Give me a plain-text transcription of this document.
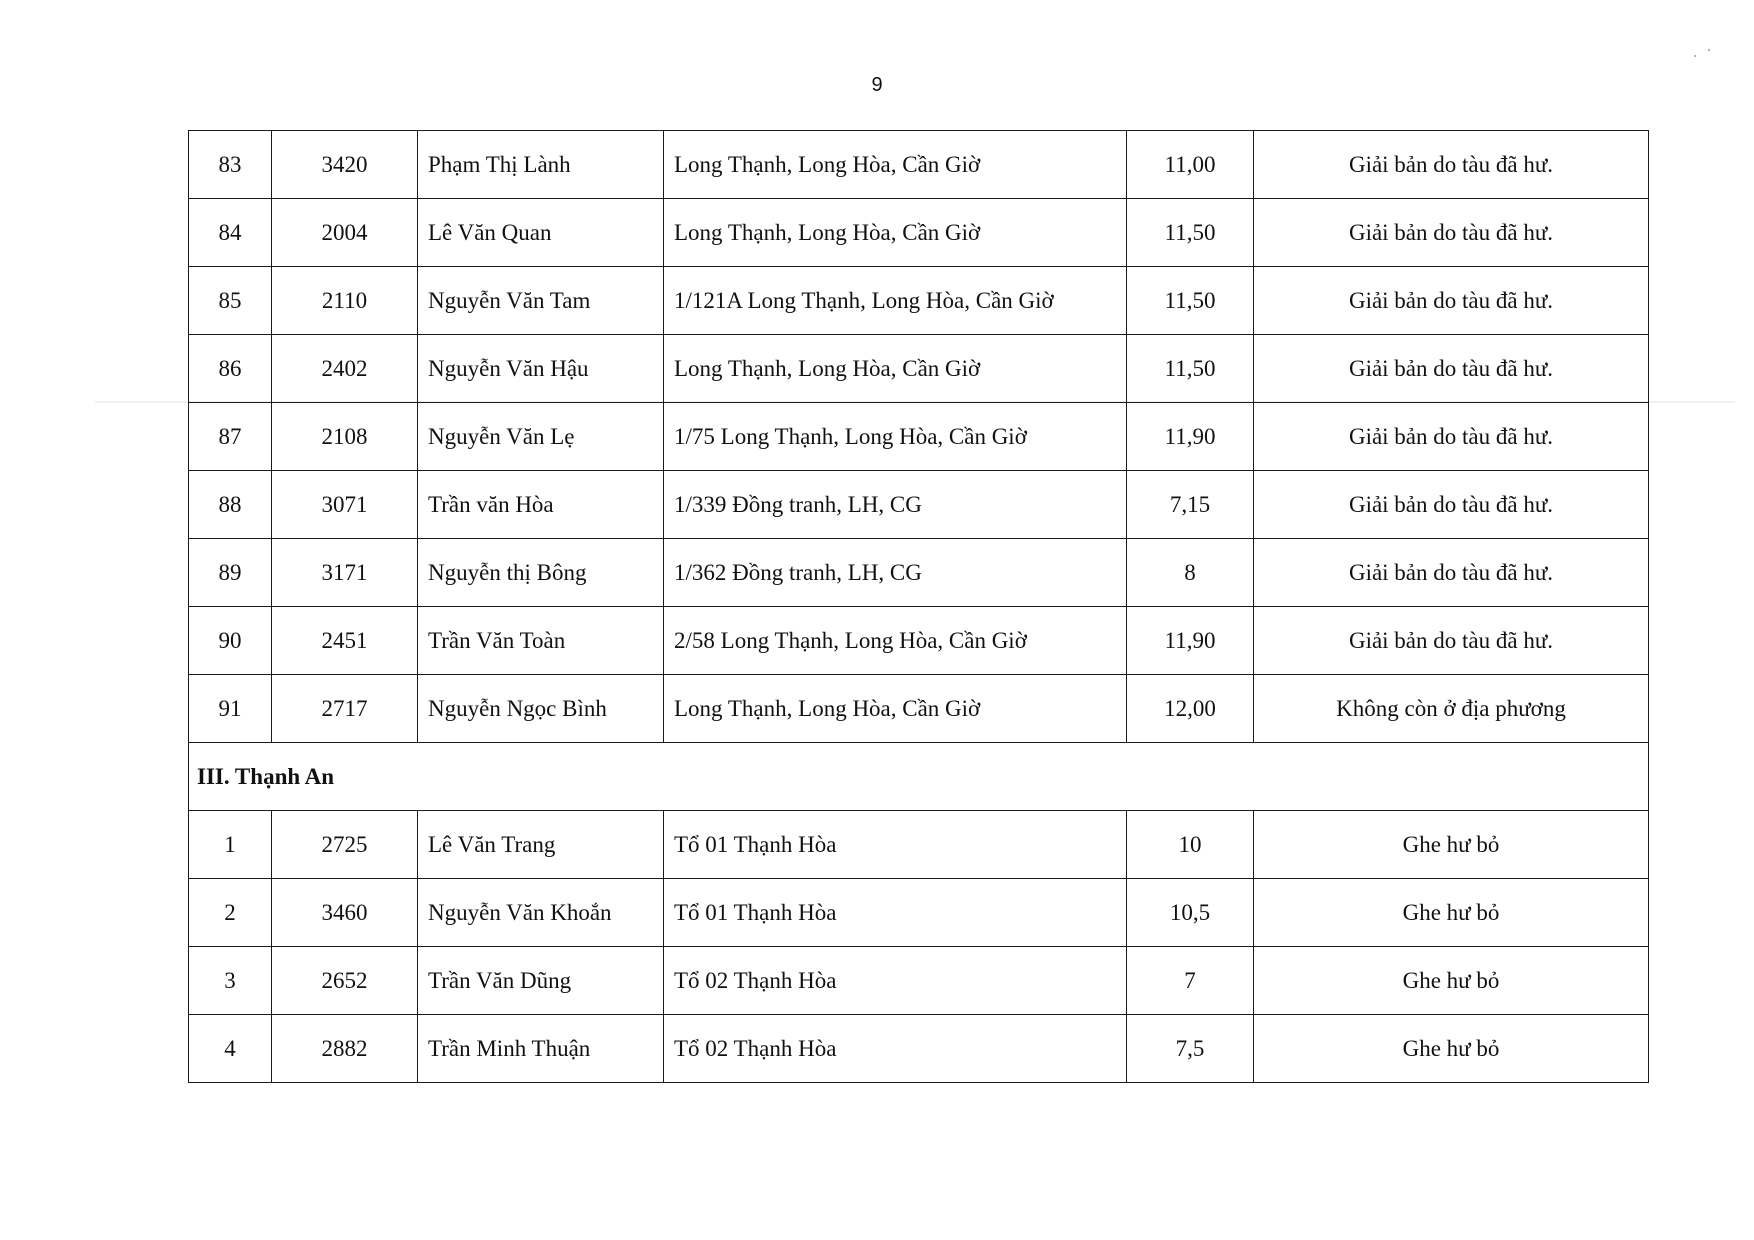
9
83	3420	Phạm Thị Lành	Long Thạnh, Long Hòa, Cần Giờ	11,00	Giải bản do tàu đã hư.
84	2004	Lê Văn Quan	Long Thạnh, Long Hòa, Cần Giờ	11,50	Giải bản do tàu đã hư.
85	2110	Nguyễn Văn Tam	1/121A Long Thạnh, Long Hòa, Cần Giờ	11,50	Giải bản do tàu đã hư.
86	2402	Nguyễn Văn Hậu	Long Thạnh, Long Hòa, Cần Giờ	11,50	Giải bản do tàu đã hư.
87	2108	Nguyễn Văn Lẹ	1/75 Long Thạnh, Long Hòa, Cần Giờ	11,90	Giải bản do tàu đã hư.
88	3071	Trần văn Hòa	1/339 Đồng tranh, LH, CG	7,15	Giải bản do tàu đã hư.
89	3171	Nguyễn thị Bông	1/362 Đồng tranh, LH, CG	8	Giải bản do tàu đã hư.
90	2451	Trần Văn Toàn	2/58 Long Thạnh, Long Hòa, Cần Giờ	11,90	Giải bản do tàu đã hư.
91	2717	Nguyễn Ngọc Bình	Long Thạnh, Long Hòa, Cần Giờ	12,00	Không còn ở địa phương
III. Thạnh An					
1	2725	Lê Văn Trang	Tổ 01 Thạnh Hòa	10	Ghe hư bỏ
2	3460	Nguyễn Văn Khoắn	Tổ 01 Thạnh Hòa	10,5	Ghe hư bỏ
3	2652	Trần Văn Dũng	Tổ 02 Thạnh Hòa	7	Ghe hư bỏ
4	2882	Trần Minh Thuận	Tổ 02 Thạnh Hòa	7,5	Ghe hư bỏ
